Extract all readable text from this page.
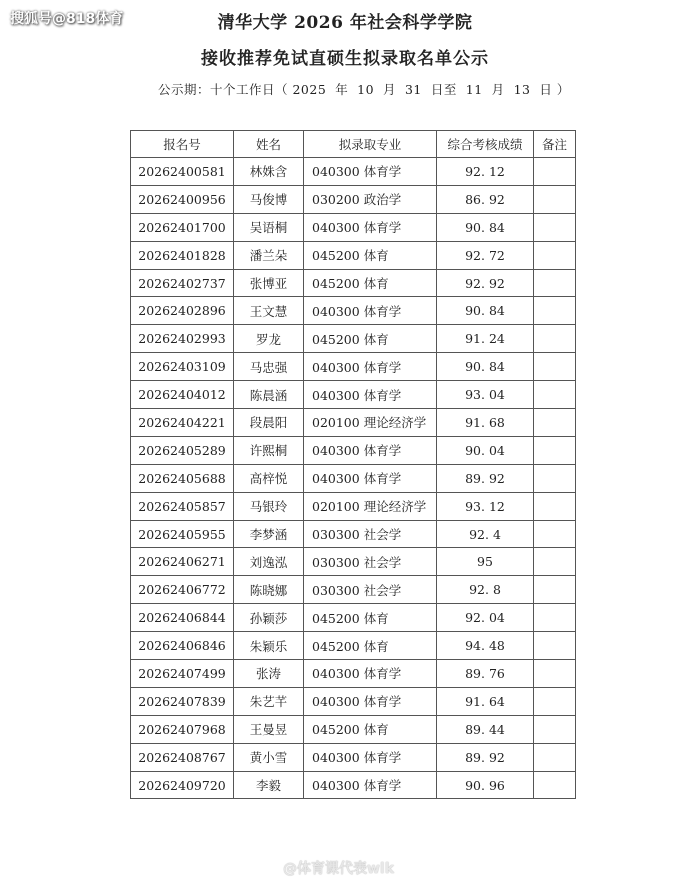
搜狐号@818体育	清华大学 2026 年社会科学学院
接收推荐免试直硕生拟录取名单公示
公示期：十个工作日（ 2025  年  10  月  31  日至  11  月  13  日 ）
报名号	姓名	拟录取专业	综合考核成绩	备注
20262400581	林姝含	040300 体育学	92. 12	
20262400956	马俊博	030200 政治学	86. 92	
20262401700	吴语桐	040300 体育学	90. 84	
20262401828	潘兰朵	045200 体育	92. 72	
20262402737	张博亚	045200 体育	92. 92	
20262402896	王文慧	040300 体育学	90. 84	
20262402993	罗龙	045200 体育	91. 24	
20262403109	马忠强	040300 体育学	90. 84	
20262404012	陈晨涵	040300 体育学	93. 04	
20262404221	段晨阳	020100 理论经济学	91. 68	
20262405289	许熙桐	040300 体育学	90. 04	
20262405688	高梓悦	040300 体育学	89. 92	
20262405857	马银玲	020100 理论经济学	93. 12	
20262405955	李梦涵	030300 社会学	92. 4	
20262406271	刘逸泓	030300 社会学	95	
20262406772	陈晓娜	030300 社会学	92. 8	
20262406844	孙颖莎	045200 体育	92. 04	
20262406846	朱颖乐	045200 体育	94. 48	
20262407499	张涛	040300 体育学	89. 76	
20262407839	朱艺芊	040300 体育学	91. 64	
20262407968	王曼昱	045200 体育	89. 44	
20262408767	黄小雪	040300 体育学	89. 92	
20262409720	李毅	040300 体育学	90. 96	
@体育课代表wlk
